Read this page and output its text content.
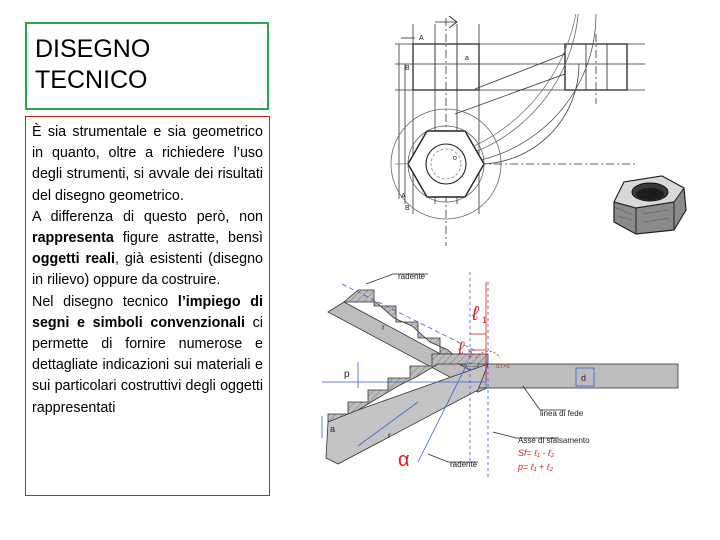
DISEGNO
TECNICO

È sia strumentale e sia geometrico in quanto, oltre a richiedere l’uso degli strumenti, si avvale dei risultati del disegno geometrico.

A differenza di questo però, non rappresenta figure astratte, bensì oggetti reali, già esistenti (disegno in rilievo) oppure da costruire.

Nel disegno tecnico l’impiego di segni e simboli convenzionali ci permette di fornire numerose e dettagliate indicazioni sui materiali e sui particolari costruttivi degli oggetti rappresentati

a
o
A
B
A
B
radente
linea di fede
Asse di sfalsamento
radente
ℓ 1
ℓ 2
α
p	d
a
r
r
S.f.=S
Sf= ℓ₁ - ℓ₂
p= ℓ₁ + ℓ₂
